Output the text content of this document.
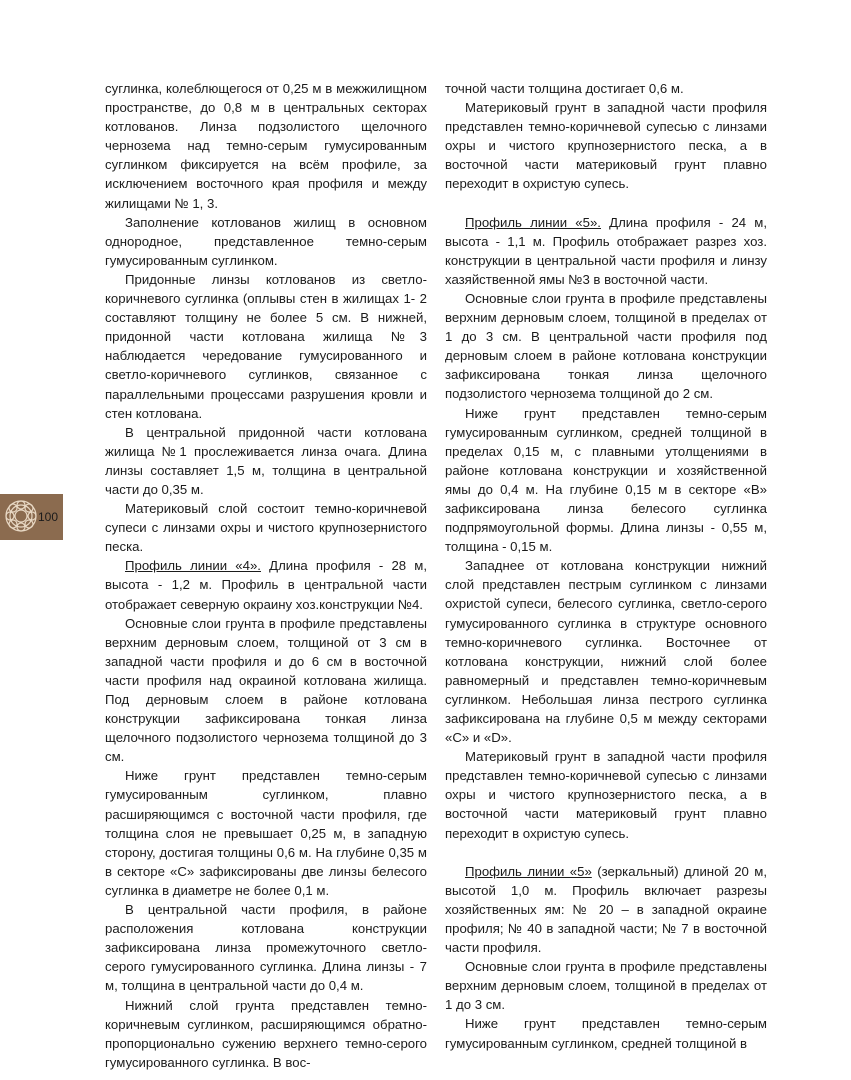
суглинка, колеблющегося от 0,25 м в межжилищном пространстве, до 0,8 м в центральных секторах котлованов. Линза подзолистого щелочного чернозема над темно-серым гумусированным суглинком фиксируется на всём профиле, за исключением восточного края профиля и между жилищами № 1, 3.

Заполнение котлованов жилищ в основном однородное, представленное темно-серым гумусированным суглинком.

Придонные линзы котлованов из светло-коричневого суглинка (оплывы стен в жилищах 1- 2 составляют толщину не более 5 см. В нижней, придонной части котлована жилища №3 наблюдается чередование гумусированного и светло-коричневого суглинков, связанное с параллельными процессами разрушения кровли и стен котлована.

В центральной придонной части котлована жилища №1 прослеживается линза очага. Длина линзы составляет 1,5 м, толщина в центральной части до 0,35 м.

Материковый слой состоит темно-коричневой супеси с линзами охры и чистого крупнозернистого песка.

Профиль линии «4». Длина профиля - 28 м, высота - 1,2 м. Профиль в центральной части отображает северную окраину хоз.конструкции №4.

Основные слои грунта в профиле представлены верхним дерновым слоем, толщиной от 3 см в западной части профиля и до 6 см в восточной части профиля над окраиной котлована жилища. Под дерновым слоем в районе котлована конструкции зафиксирована тонкая линза щелочного подзолистого чернозема толщиной до 3 см.

Ниже грунт представлен темно-серым гумусированным суглинком, плавно расширяющимся с восточной части профиля, где толщина слоя не превышает 0,25 м, в западную сторону, достигая толщины 0,6 м. На глубине 0,35 м в секторе «С» зафиксированы две линзы белесого суглинка в диаметре не более 0,1 м.

В центральной части профиля, в районе расположения котлована конструкции зафиксирована линза промежуточного светло-серого гумусированного суглинка. Длина линзы - 7 м, толщина в центральной части до 0,4 м.

Нижний слой грунта представлен темно-коричневым суглинком, расширяющимся обратно-пропорционально сужению верхнего темно-серого гумусированного суглинка. В вос-

точной части толщина достигает 0,6 м.

Материковый грунт в западной части профиля представлен темно-коричневой супесью с линзами охры и чистого крупнозернистого песка, а в восточной части материковый грунт плавно переходит в охристую супесь.

Профиль линии «5». Длина профиля - 24 м, высота - 1,1 м. Профиль отображает разрез хоз. конструкции в центральной части профиля и линзу хазяйственной ямы №3 в восточной части.

Основные слои грунта в профиле представлены верхним дерновым слоем, толщиной в пределах от 1 до 3 см. В центральной части профиля под дерновым слоем в районе котлована конструкции зафиксирована тонкая линза щелочного подзолистого чернозема толщиной до 2 см.

Ниже грунт представлен темно-серым гумусированным суглинком, средней толщиной в пределах 0,15 м, с плавными утолщениями в районе котлована конструкции и хозяйственной ямы до 0,4 м. На глубине 0,15 м в секторе «В» зафиксирована линза белесого суглинка подпрямоугольной формы. Длина линзы - 0,55 м, толщина - 0,15 м.

Западнее от котлована конструкции нижний слой представлен пестрым суглинком с линзами охристой супеси, белесого суглинка, светло-серого гумусированного суглинка в структуре основного темно-коричневого суглинка. Восточнее от котлована конструкции, нижний слой более равномерный и представлен темно-коричневым суглинком. Небольшая линза пестрого суглинка зафиксирована на глубине 0,5 м между секторами «С» и «D».

Материковый грунт в западной части профиля представлен темно-коричневой супесью с линзами охры и чистого крупнозернистого песка, а в восточной части материковый грунт плавно переходит в охристую супесь.

Профиль линии «5» (зеркальный) длиной 20 м, высотой 1,0 м. Профиль включает разрезы хозяйственных ям: № 20 – в западной окраине профиля; № 40 в западной части; № 7 в восточной части профиля.

Основные слои грунта в профиле представлены верхним дерновым слоем, толщиной в пределах от 1 до 3 см.

Ниже грунт представлен темно-серым гумусированным суглинком, средней толщиной в

100
